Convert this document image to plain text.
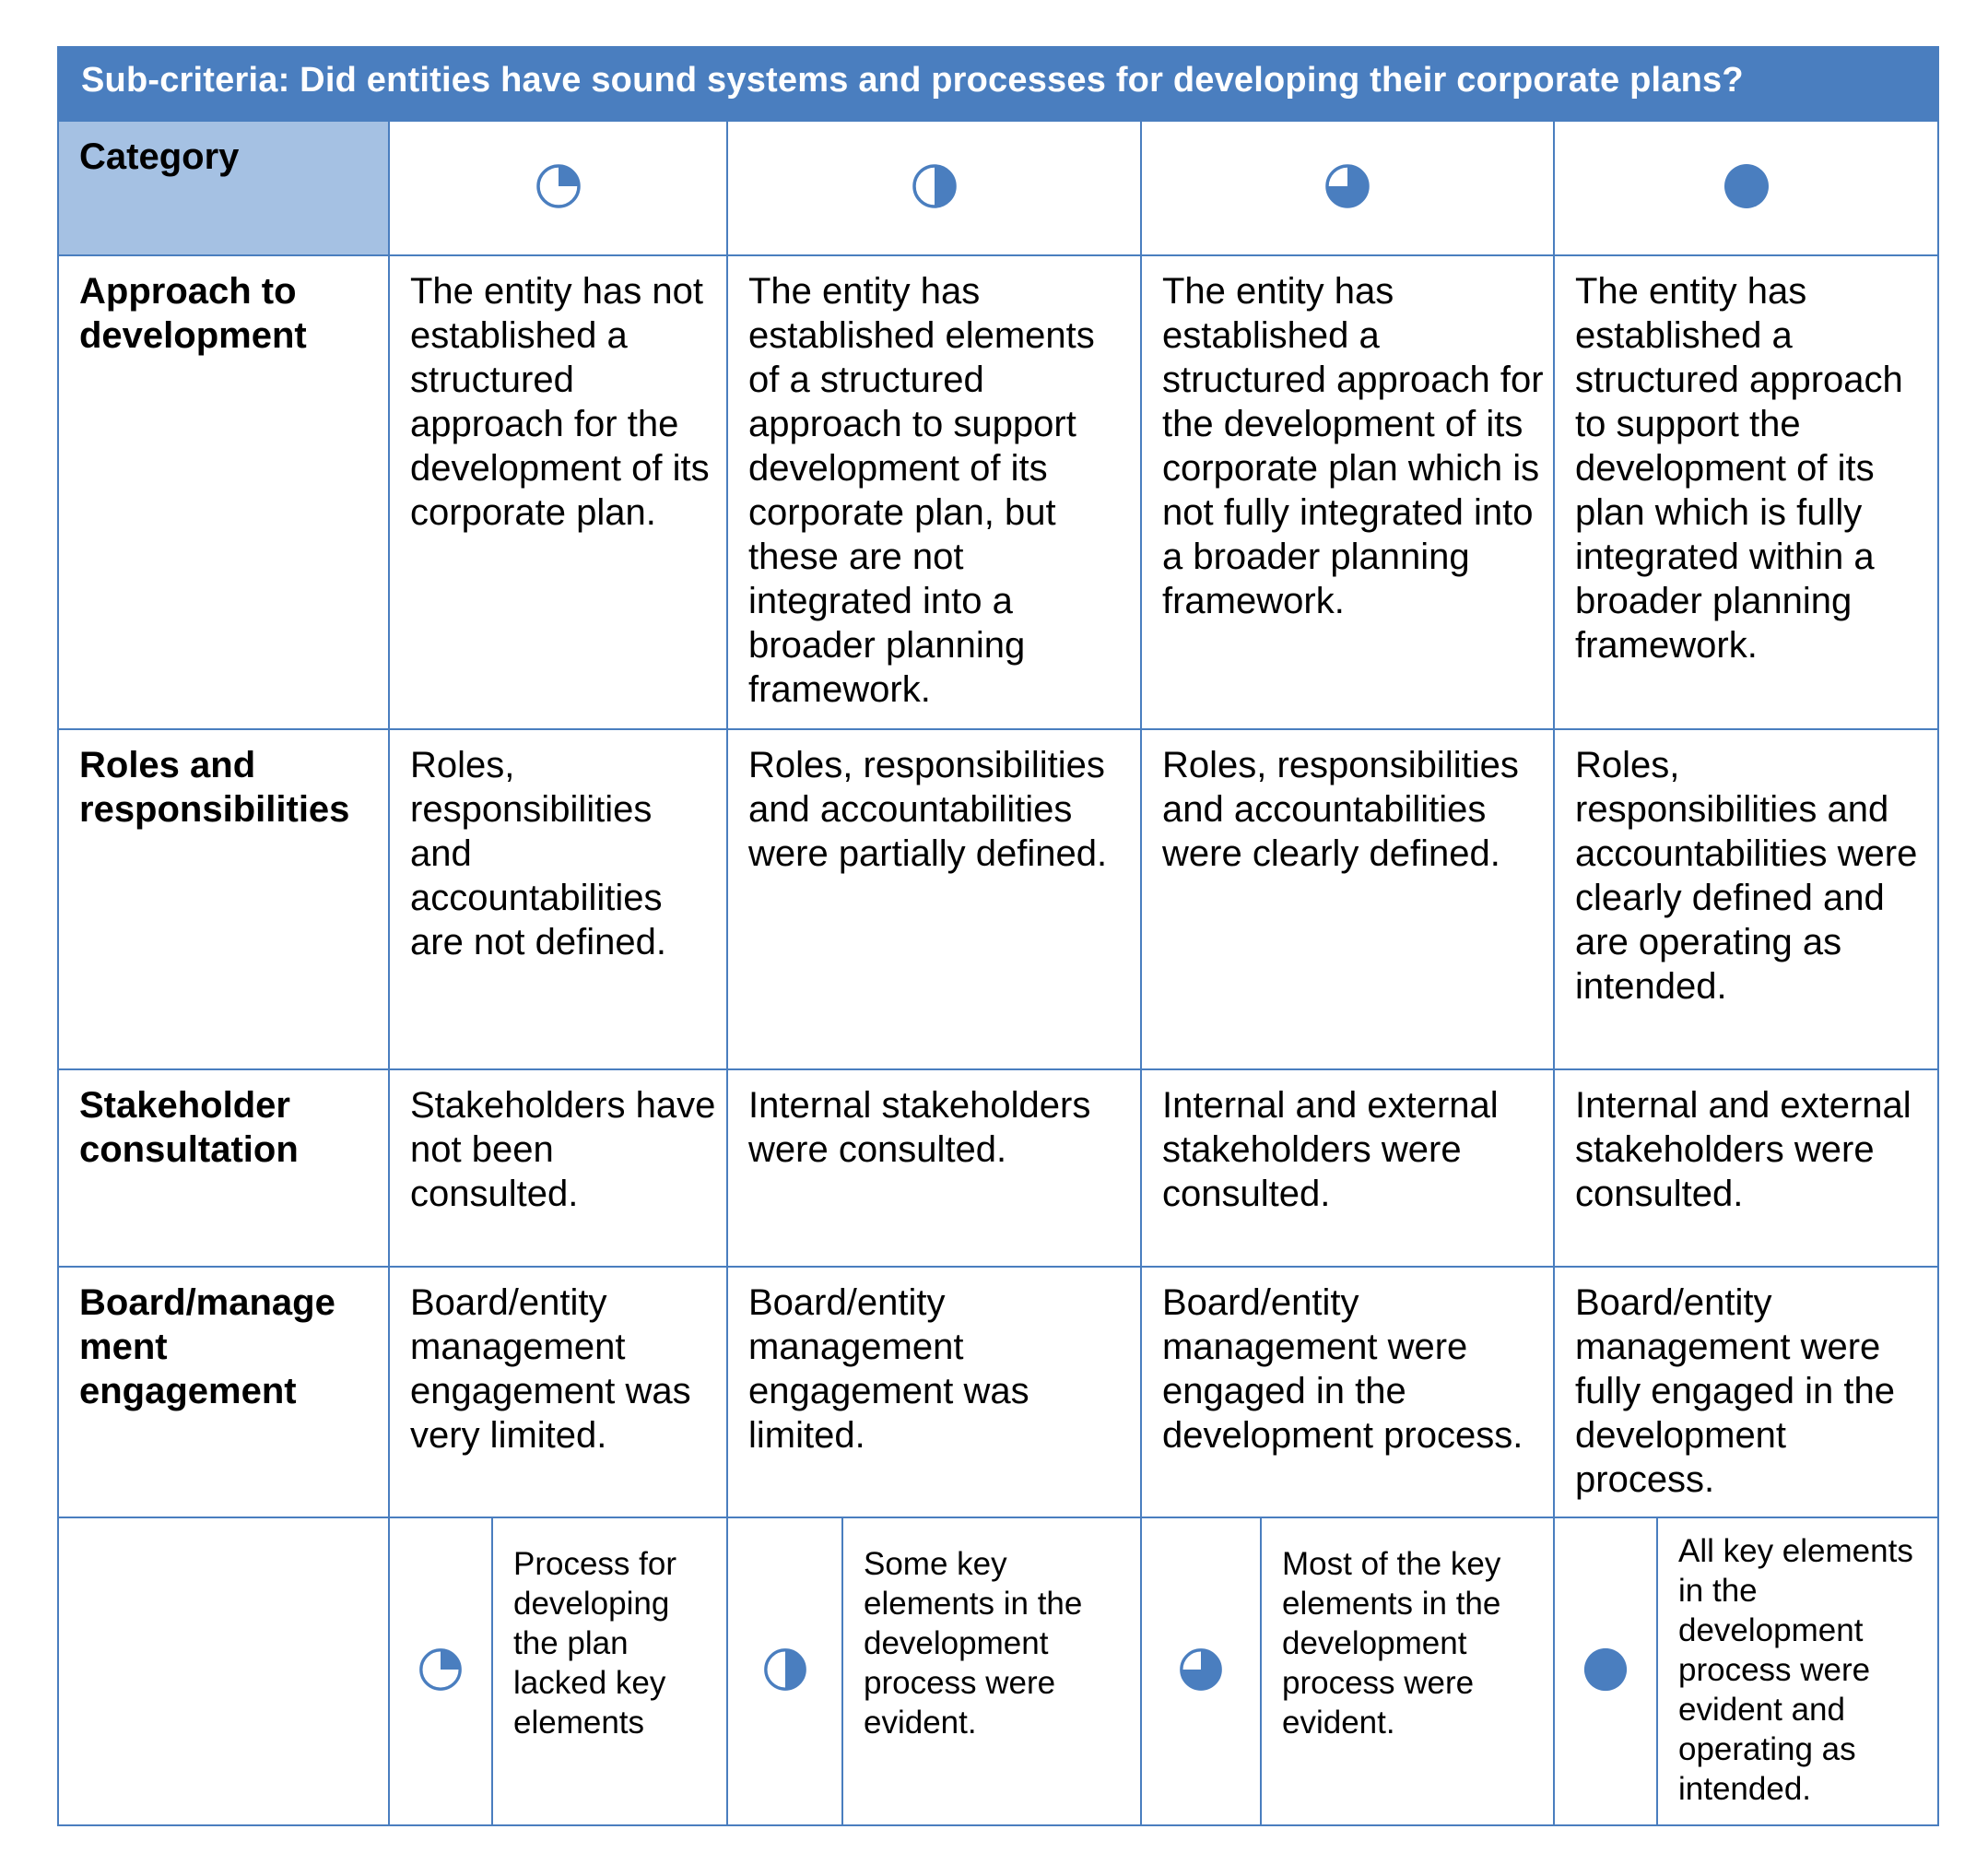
Sub-criteria: Did entities have sound systems and processes for developing their corporate plans?								
Category				
Approach to development	The entity has not established a structured approach for the development of its corporate plan.		The entity has established elements of a structured approach to support development of its corporate plan, but these are not integrated into a broader planning framework.		The entity has established a structured approach for the development of its corporate plan which is not fully integrated into a broader planning framework.		The entity has established a structured approach to support the development of its plan which is fully integrated within a broader planning framework.	
Roles and responsibilities	Roles, responsibilities and accountabilities are not defined.		Roles, responsibilities and accountabilities were partially defined.		Roles, responsibilities and accountabilities were clearly defined.		Roles, responsibilities and accountabilities were clearly defined and are operating as intended.	
Stakeholder consultation	Stakeholders have not been consulted.		Internal stakeholders were consulted.		Internal and external stakeholders were consulted.		Internal and external stakeholders were consulted.	
Board/manage ment engagement	Board/entity management engagement was very limited.		Board/entity management engagement was limited.		Board/entity management were engaged in the development process.		Board/entity management were fully engaged in the development process.	
		Process for developing the plan lacked key elements		Some key elements in the development process were evident.		Most of the key elements in the development process were evident.		All key elements in the development process were evident and operating as intended.
